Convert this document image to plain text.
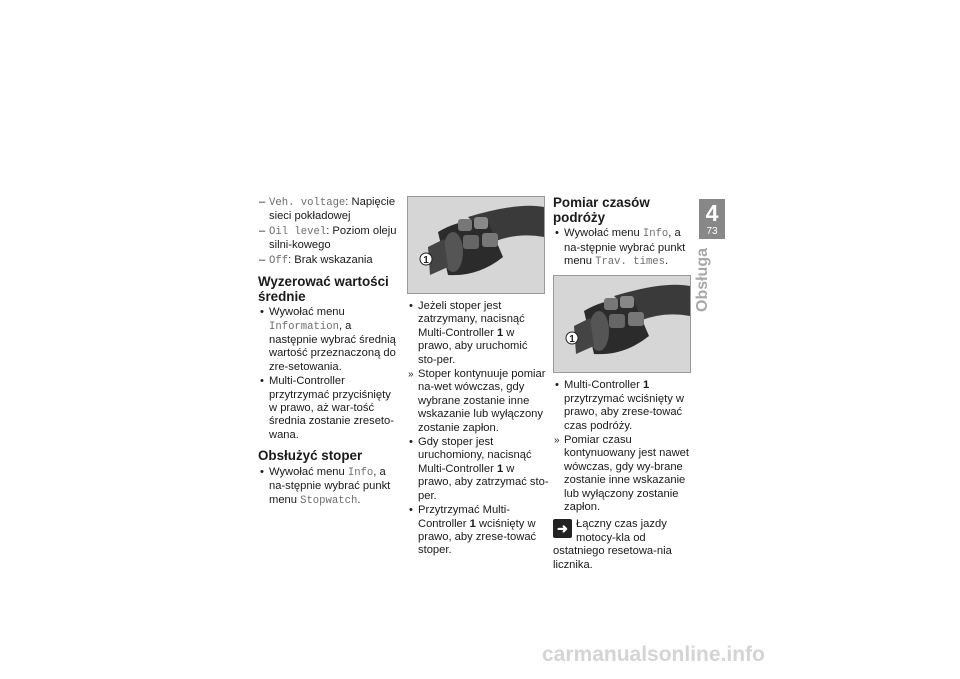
– Veh. voltage: Napięcie sieci pokładowej
– Oil level: Poziom oleju silni-kowego
– Off: Brak wskazania
Wyzerować wartości średnie
• Wywołać menu Information, a następnie wybrać średnią wartość przeznaczoną do zre-setowania.
• Multi-Controller przytrzymać przyciśnięty w prawo, aż war-tość średnia zostanie zreseto-wana.
Obsłużyć stoper
• Wywołać menu Info, a na-stępnie wybrać punkt menu Stopwatch.
1
• Jeżeli stoper jest zatrzymany, nacisnąć Multi-Controller 1 w prawo, aby uruchomić sto-per.
» Stoper kontynuuje pomiar na-wet wówczas, gdy wybrane zostanie inne wskazanie lub wyłączony zostanie zapłon.
• Gdy stoper jest uruchomiony, nacisnąć Multi-Controller 1 w prawo, aby zatrzymać sto-per.
• Przytrzymać Multi-Controller 1 wciśnięty w prawo, aby zrese-tować stoper.
Pomiar czasów podróży
• Wywołać menu Info, a na-stępnie wybrać punkt menu Trav. times.
1
• Multi-Controller 1 przytrzymać wciśnięty w prawo, aby zrese-tować czas podróży.
» Pomiar czasu kontynuowany jest nawet wówczas, gdy wy-brane zostanie inne wskazanie lub wyłączony zostanie zapłon.
➜ Łączny czas jazdy motocy-kla od ostatniego resetowa-nia licznika.
4
73
Obsługa
carmanualsonline.info
